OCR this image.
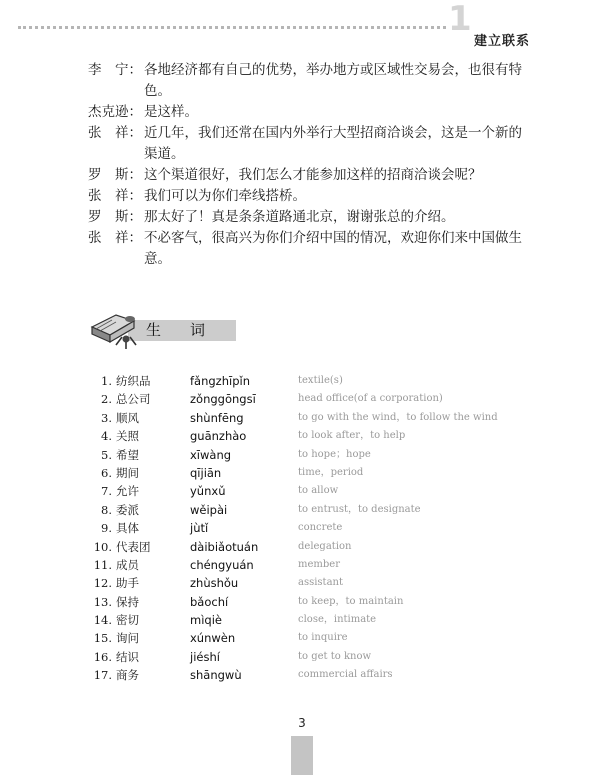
1
建立联系
李　宁： 各地经济都有自己的优势，举办地方或区域性交易会，也很有特色。
杰克逊： 是这样。
张　祥： 近几年，我们还常在国内外举行大型招商洽谈会，这是一个新的渠道。
罗　斯： 这个渠道很好，我们怎么才能参加这样的招商洽谈会呢？
张　祥： 我们可以为你们牵线搭桥。
罗　斯： 那太好了！真是条条道路通北京，谢谢张总的介绍。
张　祥： 不必客气，很高兴为你们介绍中国的情况，欢迎你们来中国做生意。
生　词
1. 纺织品	fǎngzhīpǐn	textile(s)
2. 总公司	zǒnggōngsī	head office(of a corporation)
3. 顺风	shùnfēng	to go with the wind，to follow the wind
4. 关照	guānzhào	to look after，to help
5. 希望	xīwàng	to hope；hope
6. 期间	qījiān	time，period
7. 允许	yǔnxǔ	to allow
8. 委派	wěipài	to entrust，to designate
9. 具体	jùtǐ	concrete
10. 代表团	dàibiǎotuán	delegation
11. 成员	chéngyuán	member
12. 助手	zhùshǒu	assistant
13. 保持	bǎochí	to keep，to maintain
14. 密切	mìqiè	close，intimate
15. 询问	xúnwèn	to inquire
16. 结识	jiéshí	to get to know
17. 商务	shāngwù	commercial affairs
3
